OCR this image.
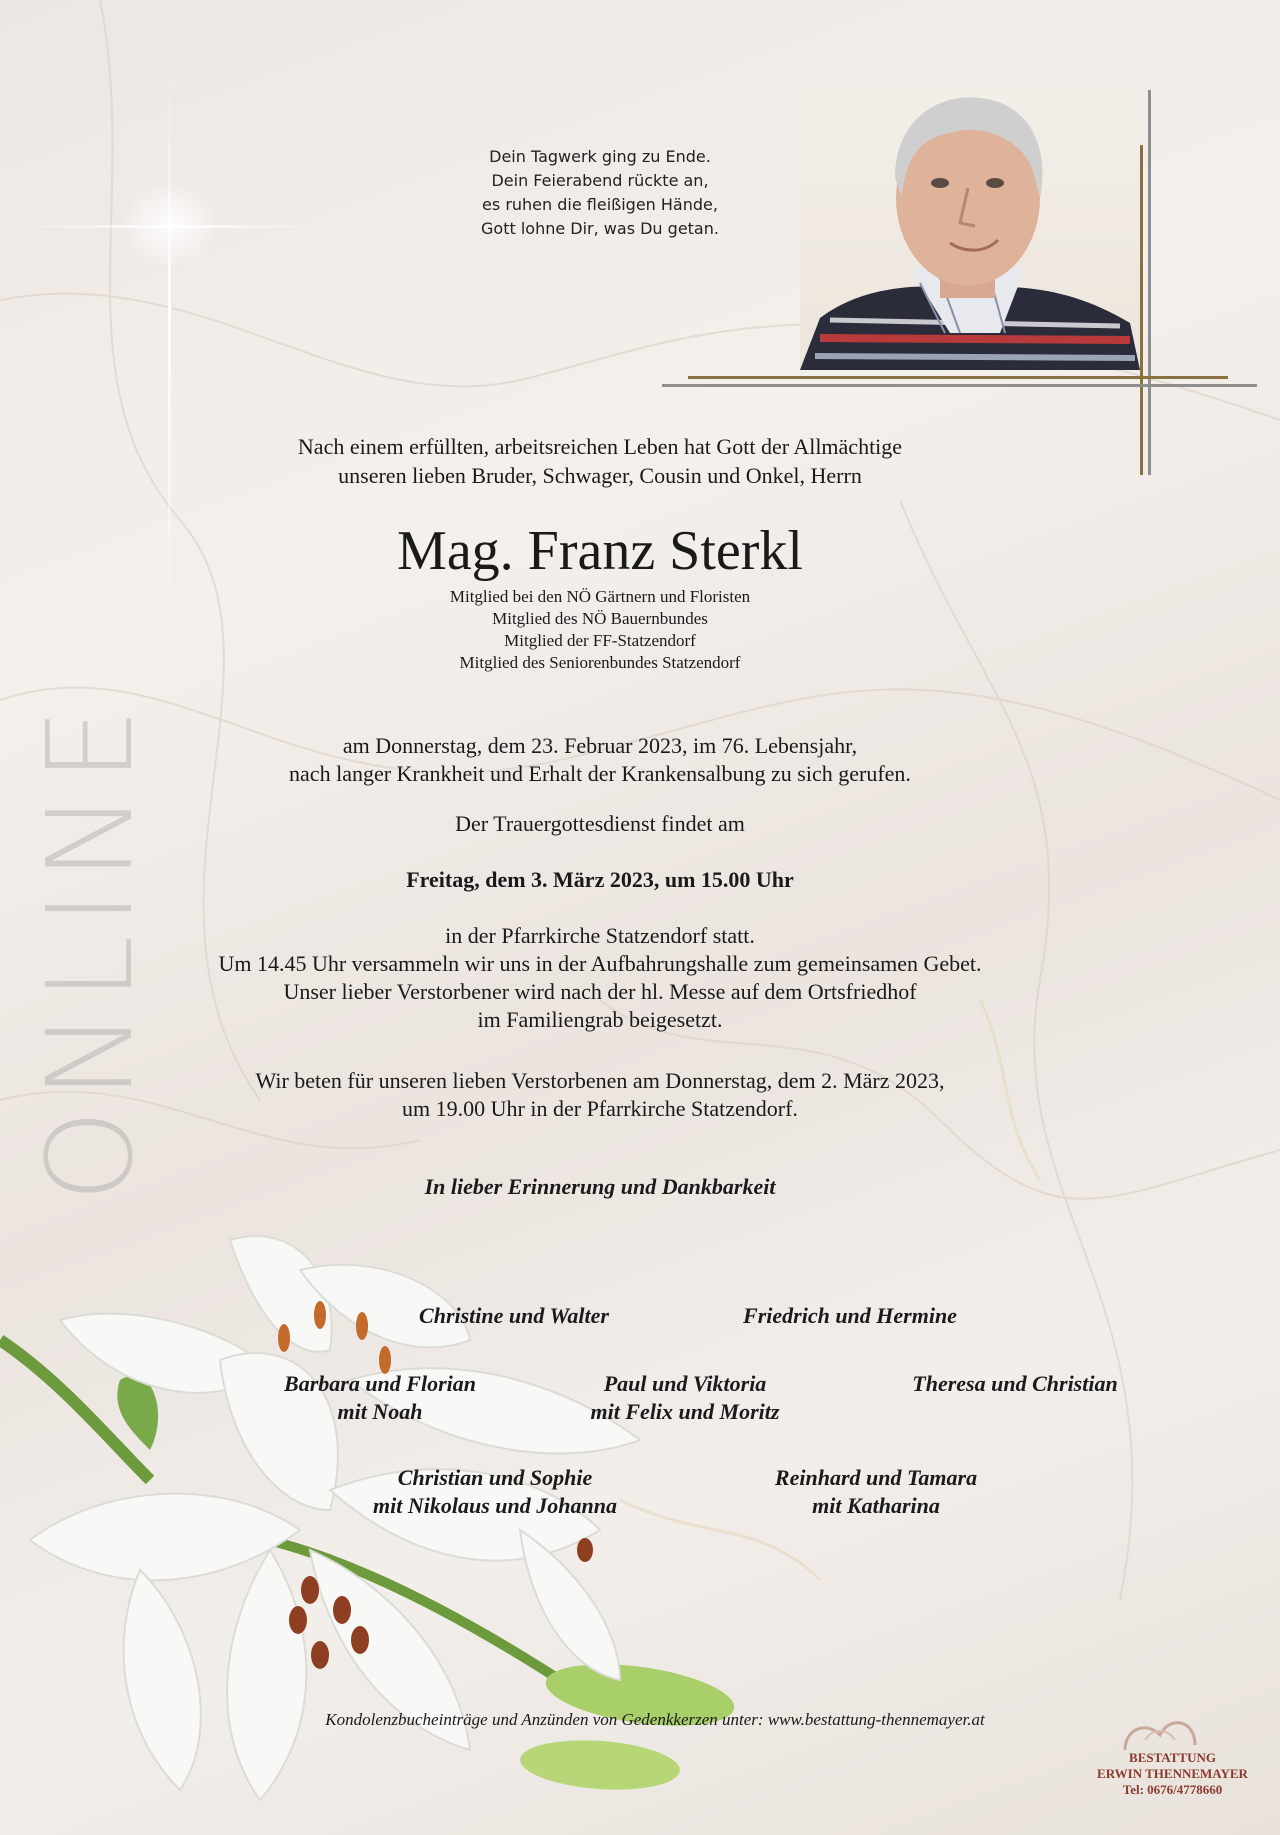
ONLINE
Dein Tagwerk ging zu Ende.
Dein Feierabend rückte an,
es ruhen die fleißigen Hände,
Gott lohne Dir, was Du getan.
Nach einem erfüllten, arbeitsreichen Leben hat Gott der Allmächtige
unseren lieben Bruder, Schwager, Cousin und Onkel, Herrn
Mag. Franz Sterkl
Mitglied bei den NÖ Gärtnern und Floristen
Mitglied des NÖ Bauernbundes
Mitglied der FF-Statzendorf
Mitglied des Seniorenbundes Statzendorf
am Donnerstag, dem 23. Februar 2023, im 76. Lebensjahr,
nach langer Krankheit und Erhalt der Krankensalbung zu sich gerufen.
Der Trauergottesdienst findet am
Freitag, dem 3. März 2023, um 15.00 Uhr
in der Pfarrkirche Statzendorf statt.
Um 14.45 Uhr versammeln wir uns in der Aufbahrungshalle zum gemeinsamen Gebet.
Unser lieber Verstorbener wird nach der hl. Messe auf dem Ortsfriedhof
im Familiengrab beigesetzt.
Wir beten für unseren lieben Verstorbenen am Donnerstag, dem 2. März 2023,
um 19.00 Uhr in der Pfarrkirche Statzendorf.
In lieber Erinnerung und Dankbarkeit
Christine und Walter	Friedrich und Hermine
Barbara und Florian
mit Noah
Paul und Viktoria
mit Felix und Moritz
Theresa und Christian
Christian und Sophie
mit Nikolaus und Johanna
Reinhard und Tamara
mit Katharina
Kondolenzbucheinträge und Anzünden von Gedenkkerzen unter: www.bestattung-thennemayer.at
BESTATTUNG
ERWIN THENNEMAYER
Tel: 0676/4778660
